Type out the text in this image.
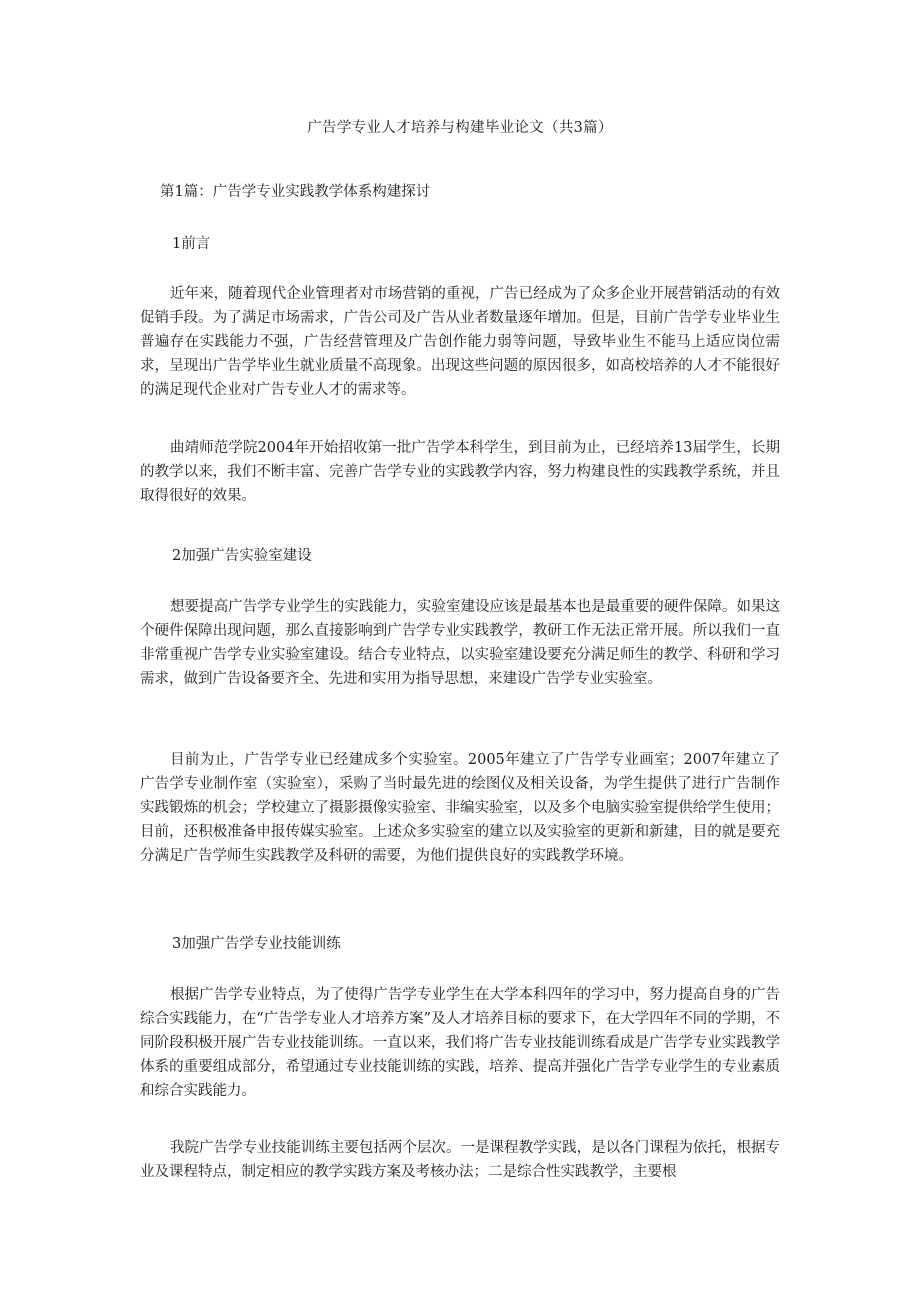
广告学专业人才培养与构建毕业论文（共3篇）
第1篇：广告学专业实践教学体系构建探讨
1前言

近年来，随着现代企业管理者对市场营销的重视，广告已经成为了众多企业开展营销活动的有效促销手段。为了满足市场需求，广告公司及广告从业者数量逐年增加。但是，目前广告学专业毕业生普遍存在实践能力不强，广告经营管理及广告创作能力弱等问题，导致毕业生不能马上适应岗位需求，呈现出广告学毕业生就业质量不高现象。出现这些问题的原因很多，如高校培养的人才不能很好的满足现代企业对广告专业人才的需求等。

曲靖师范学院2004年开始招收第一批广告学本科学生，到目前为止，已经培养13届学生，长期的教学以来，我们不断丰富、完善广告学专业的实践教学内容，努力构建良性的实践教学系统，并且取得很好的效果。

2加强广告实验室建设

想要提高广告学专业学生的实践能力，实验室建设应该是最基本也是最重要的硬件保障。如果这个硬件保障出现问题，那么直接影响到广告学专业实践教学，教研工作无法正常开展。所以我们一直非常重视广告学专业实验室建设。结合专业特点，以实验室建设要充分满足师生的教学、科研和学习需求，做到广告设备要齐全、先进和实用为指导思想，来建设广告学专业实验室。

目前为止，广告学专业已经建成多个实验室。2005年建立了广告学专业画室；2007年建立了广告学专业制作室（实验室），采购了当时最先进的绘图仪及相关设备，为学生提供了进行广告制作实践锻炼的机会；学校建立了摄影摄像实验室、非编实验室，以及多个电脑实验室提供给学生使用；目前，还积极准备申报传媒实验室。上述众多实验室的建立以及实验室的更新和新建，目的就是要充分满足广告学师生实践教学及科研的需要，为他们提供良好的实践教学环境。

3加强广告学专业技能训练

根据广告学专业特点，为了使得广告学专业学生在大学本科四年的学习中，努力提高自身的广告综合实践能力，在“广告学专业人才培养方案”及人才培养目标的要求下，在大学四年不同的学期，不同阶段积极开展广告专业技能训练。一直以来，我们将广告专业技能训练看成是广告学专业实践教学体系的重要组成部分，希望通过专业技能训练的实践，培养、提高并强化广告学专业学生的专业素质和综合实践能力。

我院广告学专业技能训练主要包括两个层次。一是课程教学实践，是以各门课程为依托，根据专业及课程特点，制定相应的教学实践方案及考核办法；二是综合性实践教学，主要根
